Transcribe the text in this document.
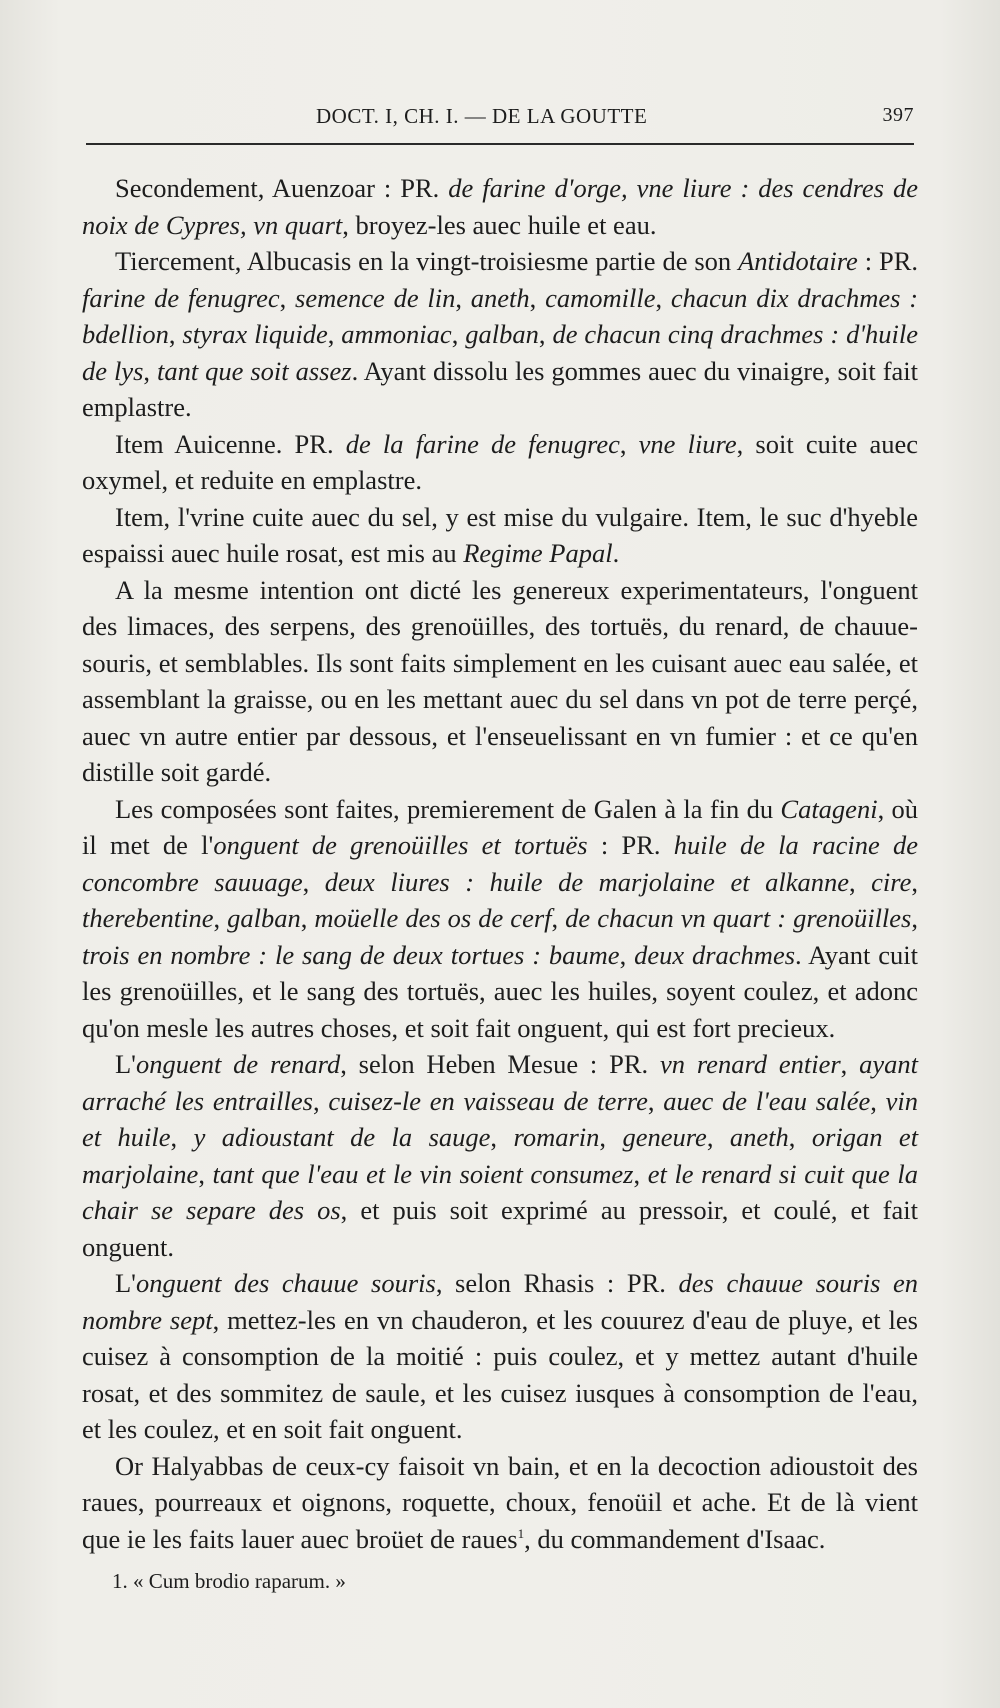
DOCT. I, CH. I. — DE LA GOUTTE	397

Secondement, Auenzoar : PR. de farine d'orge, vne liure : des cendres de noix de Cypres, vn quart, broyez-les auec huile et eau.

Tiercement, Albucasis en la vingt-troisiesme partie de son Antidotaire : PR. farine de fenugrec, semence de lin, aneth, camomille, chacun dix drachmes : bdellion, styrax liquide, ammoniac, galban, de chacun cinq drachmes : d'huile de lys, tant que soit assez. Ayant dissolu les gommes auec du vinaigre, soit fait emplastre.

Item Auicenne. PR. de la farine de fenugrec, vne liure, soit cuite auec oxymel, et reduite en emplastre.

Item, l'vrine cuite auec du sel, y est mise du vulgaire. Item, le suc d'hyeble espaissi auec huile rosat, est mis au Regime Papal.

A la mesme intention ont dicté les genereux experimentateurs, l'onguent des limaces, des serpens, des grenoüilles, des tortuës, du renard, de chauue-souris, et semblables. Ils sont faits simplement en les cuisant auec eau salée, et assemblant la graisse, ou en les mettant auec du sel dans vn pot de terre perçé, auec vn autre entier par dessous, et l'enseuelissant en vn fumier : et ce qu'en distille soit gardé.

Les composées sont faites, premierement de Galen à la fin du Catageni, où il met de l'onguent de grenoüilles et tortuës : PR. huile de la racine de concombre sauuage, deux liures : huile de marjolaine et alkanne, cire, therebentine, galban, moüelle des os de cerf, de chacun vn quart : grenoüilles, trois en nombre : le sang de deux tortues : baume, deux drachmes. Ayant cuit les grenoüilles, et le sang des tortuës, auec les huiles, soyent coulez, et adonc qu'on mesle les autres choses, et soit fait onguent, qui est fort precieux.

L'onguent de renard, selon Heben Mesue : PR. vn renard entier, ayant arraché les entrailles, cuisez-le en vaisseau de terre, auec de l'eau salée, vin et huile, y adioustant de la sauge, romarin, geneure, aneth, origan et marjolaine, tant que l'eau et le vin soient consumez, et le renard si cuit que la chair se separe des os, et puis soit exprimé au pressoir, et coulé, et fait onguent.

L'onguent des chauue souris, selon Rhasis : PR. des chauue souris en nombre sept, mettez-les en vn chauderon, et les couurez d'eau de pluye, et les cuisez à consomption de la moitié : puis coulez, et y mettez autant d'huile rosat, et des sommitez de saule, et les cuisez iusques à consomption de l'eau, et les coulez, et en soit fait onguent.

Or Halyabbas de ceux-cy faisoit vn bain, et en la decoction adioustoit des raues, pourreaux et oignons, roquette, choux, fenoüil et ache. Et de là vient que ie les faits lauer auec broüet de raues$^1$, du commandement d'Isaac.

1. « Cum brodio raparum. »
